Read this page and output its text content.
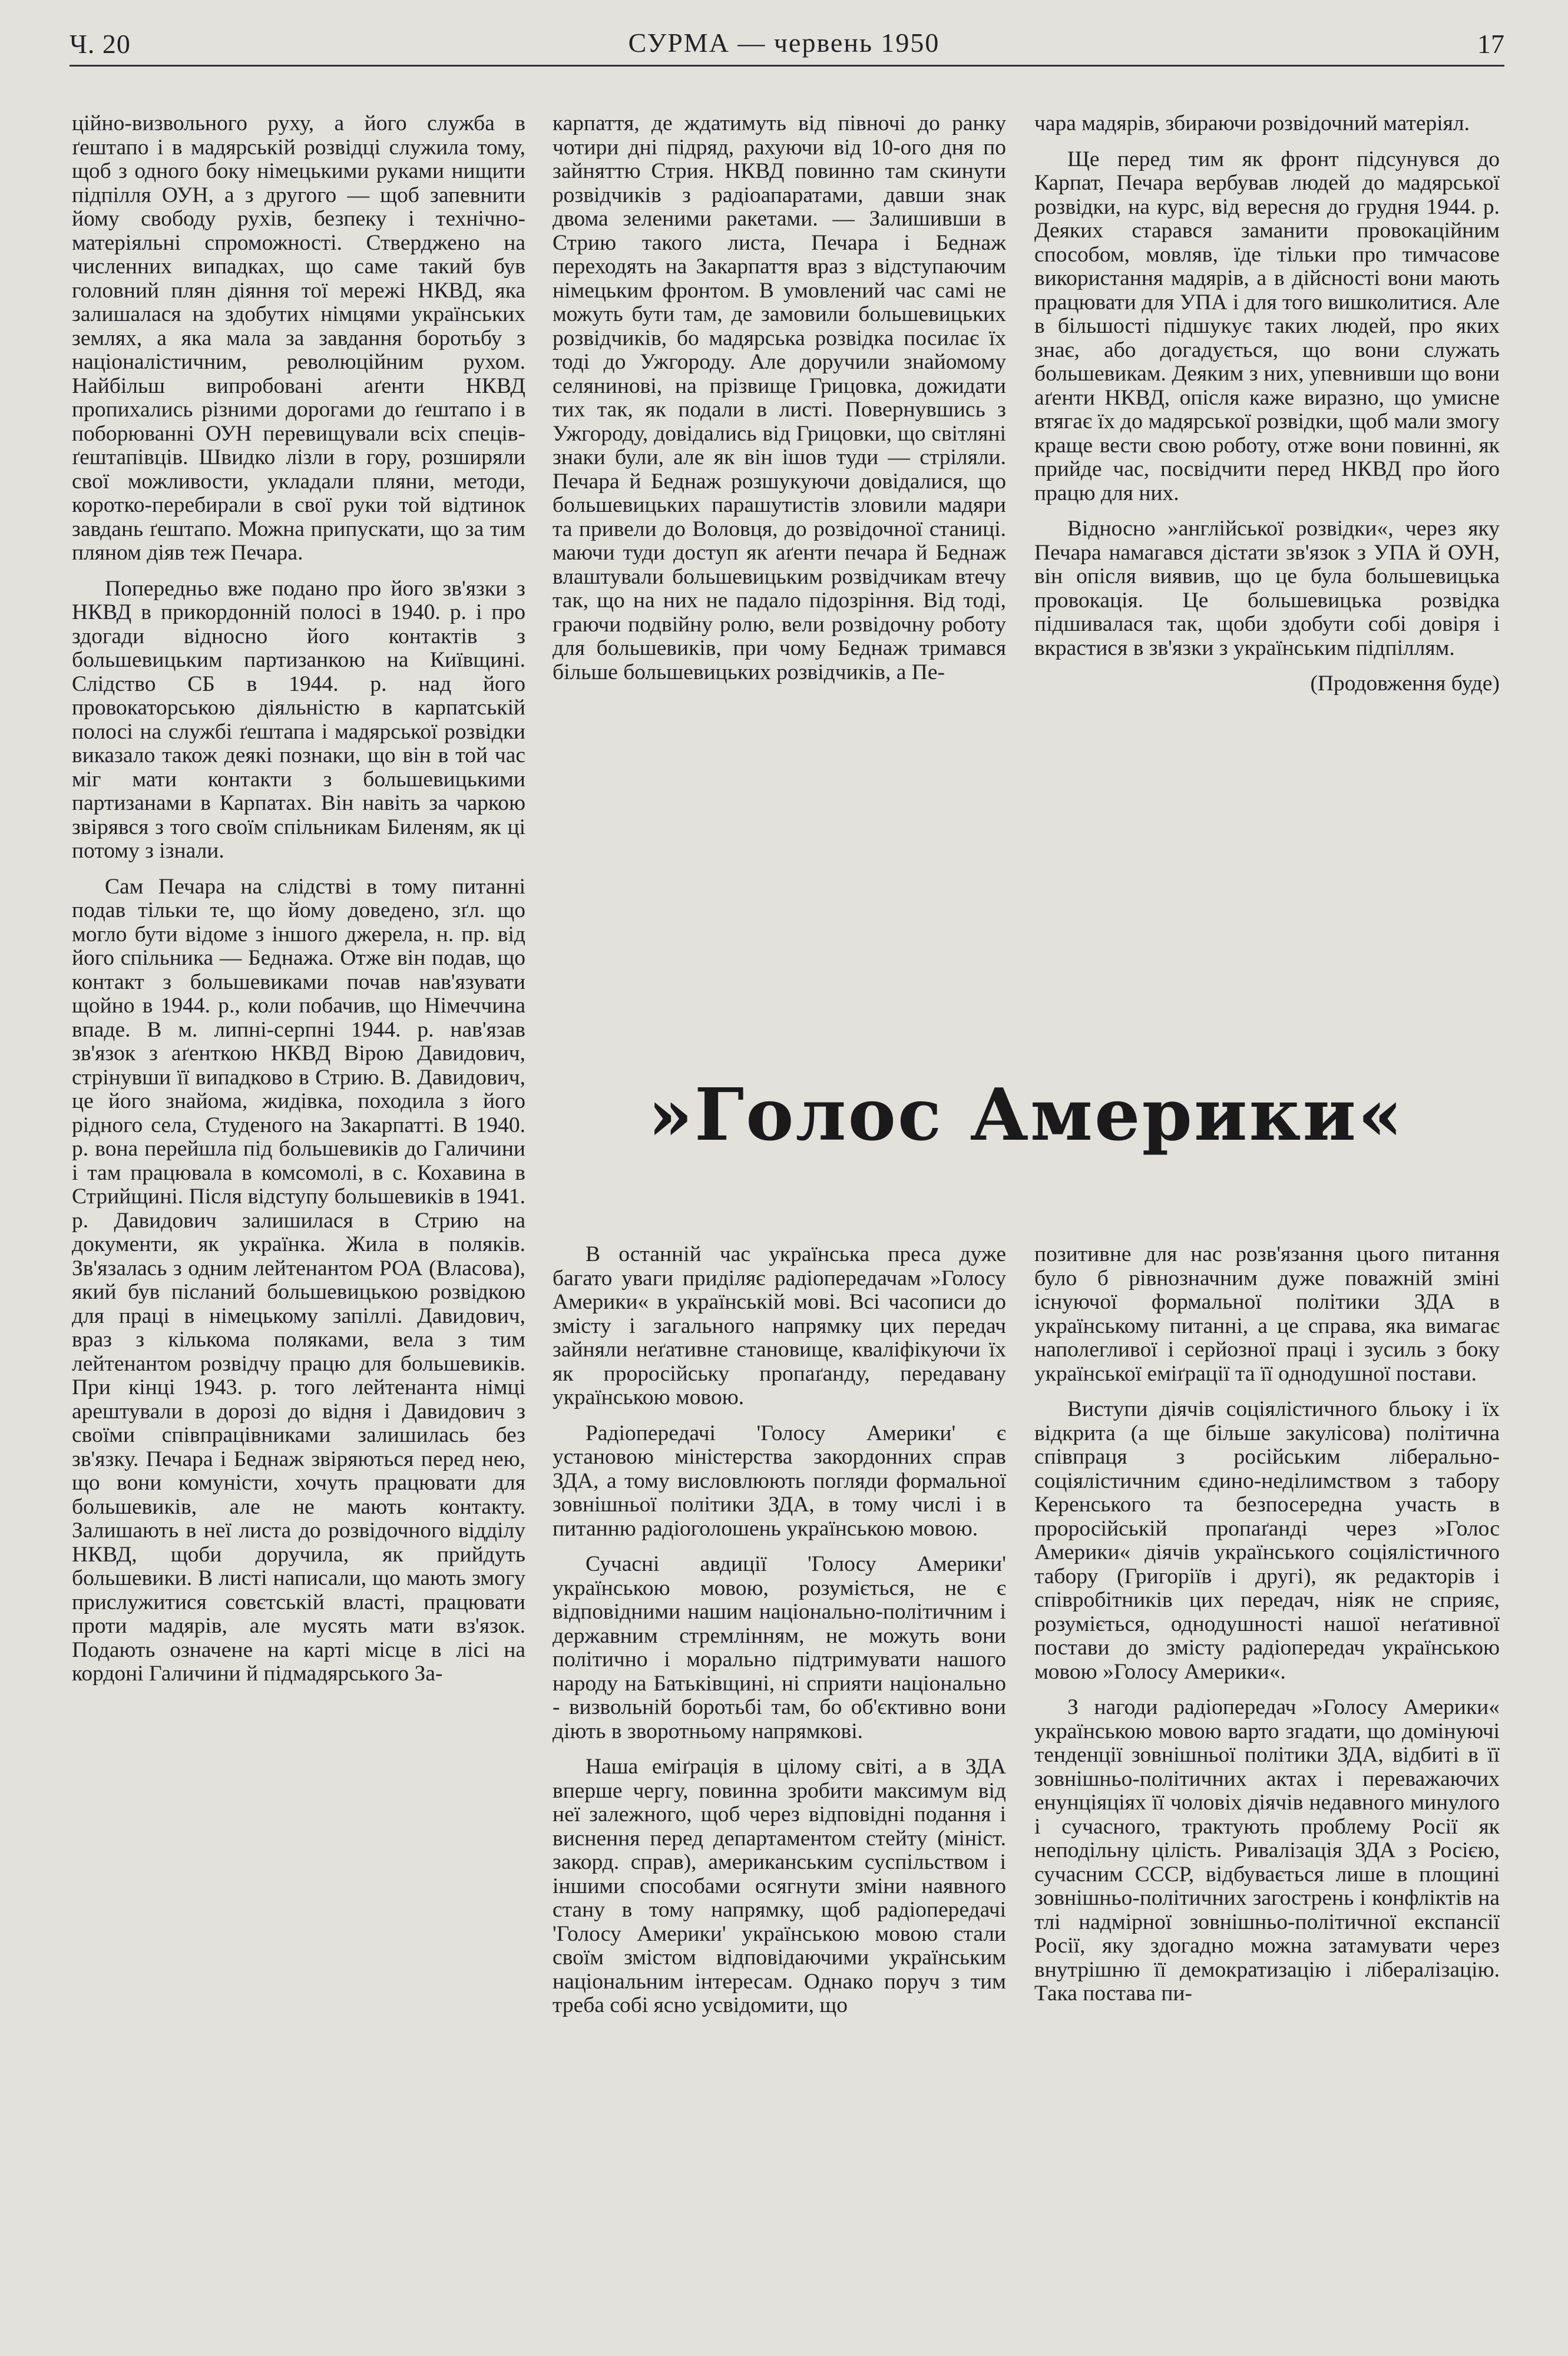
Ч. 20	СУРМА — червень 1950	17

ційно-визвольного руху, а його служба в ґештапо і в мадярській розвідці служила тому, щоб з одного боку німецькими руками нищити підпілля ОУН, а з другого — щоб запевнити йому свободу рухів, безпеку і технічно-матеріяльні спроможності. Стверджено на численних випадках, що саме такий був головний плян діяння тої мережі НКВД, яка залишалася на здобутих німцями українських землях, а яка мала за завдання боротьбу з націоналістичним, революційним рухом. Найбільш випробовані аґенти НКВД пропихались різними дорогами до ґештапо і в поборюванні ОУН перевищували всіх спеців-ґештапівців. Швидко лізли в гору, розширяли свої можливости, укладали пляни, методи, коротко-перебирали в свої руки той відтинок завдань ґештапо. Можна припускати, що за тим пляном діяв теж Печара.

Попередньо вже подано про його зв'язки з НКВД в прикордонній полосі в 1940. р. і про здогади відносно його контактів з большевицьким партизанкою на Київщині. Слідство СБ в 1944. р. над його провокаторською діяльністю в карпатській полосі на службі ґештапа і мадярської розвідки виказало також деякі познаки, що він в той час міг мати контакти з большевицькими партизанами в Карпатах. Він навіть за чаркою звірявся з того своїм спільникам Биленям, як ці потому з ізнали.

Сам Печара на слідстві в тому питанні подав тільки те, що йому доведено, зґл. що могло бути відоме з іншого джерела, н. пр. від його спільника — Беднажа. Отже він подав, що контакт з большевиками почав нав'язувати щойно в 1944. р., коли побачив, що Німеччина впаде. В м. липні-серпні 1944. р. нав'язав зв'язок з аґенткою НКВД Вірою Давидович, стрінувши її випадково в Стрию. В. Давидович, це його знайома, жидівка, походила з його рідного села, Студеного на Закарпатті. В 1940. р. вона перейшла під большевиків до Галичини і там працювала в комсомолі, в с. Кохавина в Стрийщині. Після відступу большевиків в 1941. р. Давидович залишилася в Стрию на документи, як українка. Жила в поляків. Зв'язалась з одним лейтенантом РОА (Власова), який був післаний большевицькою розвідкою для праці в німецькому запіллі. Давидович, враз з кількома поляками, вела з тим лейтенантом розвідчу працю для большевиків. При кінці 1943. р. того лейтенанта німці арештували в дорозі до відня і Давидович з своїми співпрацівниками залишилась без зв'язку. Печара і Беднаж звіряються перед нею, що вони комуністи, хочуть працювати для большевиків, але не мають контакту. Залишають в неї листа до розвідочного відділу НКВД, щоби доручила, як прийдуть большевики. В листі написали, що мають змогу прислужитися совєтській власті, працювати проти мадярів, але мусять мати вз'язок. Подають означене на карті місце в лісі на кордоні Галичини й підмадярського За-

карпаття, де ждатимуть від півночі до ранку чотири дні підряд, рахуючи від 10-ого дня по зайняттю Стрия. НКВД повинно там скинути розвідчиків з радіоапаратами, давши знак двома зеленими ракетами. — Залишивши в Стрию такого листа, Печара і Беднаж переходять на Закарпаття враз з відступаючим німецьким фронтом. В умовлений час самі не можуть бути там, де замовили большевицьких розвідчиків, бо мадярська розвідка посилає їх тоді до Ужгороду. Але доручили знайомому селянинові, на прізвище Грицовка, дожидати тих так, як подали в листі. Повернувшись з Ужгороду, довідались від Грицовки, що світляні знаки були, але як він ішов туди — стріляли. Печара й Беднаж розшукуючи довідалися, що большевицьких парашутистів зловили мадяри та привели до Воловця, до розвідочної станиці. маючи туди доступ як аґенти печара й Беднаж влаштували большевицьким розвідчикам втечу так, що на них не падало підозріння. Від тоді, граючи подвійну ролю, вели розвідочну роботу для большевиків, при чому Беднаж тримався більше большевицьких розвідчиків, а Пе-

чара мадярів, збираючи розвідочний матеріял.

Ще перед тим як фронт підсунувся до Карпат, Печара вербував людей до мадярської розвідки, на курс, від вересня до грудня 1944. р. Деяких старався заманити провокаційним способом, мовляв, їде тільки про тимчасове використання мадярів, а в дійсності вони мають працювати для УПА і для того вишколитися. Але в більшості підшукує таких людей, про яких знає, або догадується, що вони служать большевикам. Деяким з них, упевнивши що вони аґенти НКВД, опісля каже виразно, що умисне втягає їх до мадярської розвідки, щоб мали змогу краще вести свою роботу, отже вони повинні, як прийде час, посвідчити перед НКВД про його працю для них.

Відносно »англійської розвідки«, через яку Печара намагався дістати зв'язок з УПА й ОУН, він опісля виявив, що це була большевицька провокація. Це большевицька розвідка підшивалася так, щоби здобути собі довіря і вкрастися в зв'язки з українським підпіллям.

(Продовження буде)

»Голос Америки«

В останній час українська преса дуже багато уваги приділяє радіопередачам »Голосу Америки« в українській мові. Всі часописи до змісту і загального напрямку цих передач зайняли неґативне становище, кваліфікуючи їх як проросійську пропаґанду, передавану українською мовою.

Радіопередачі 'Голосу Америки' є установою міністерства закордонних справ ЗДА, а тому висловлюють погляди формальної зовнішньої політики ЗДА, в тому числі і в питанню радіоголошень українською мовою.

Сучасні авдиції 'Голосу Америки' українською мовою, розуміється, не є відповідними нашим національно-політичним і державним стремлінням, не можуть вони політично і морально підтримувати нашого народу на Батьківщині, ні сприяти національно - визвольній боротьбі там, бо об'єктивно вони діють в зворотньому напрямкові.

Наша еміґрація в цілому світі, а в ЗДА вперше чергу, повинна зробити максимум від неї залежного, щоб через відповідні подання і виснення перед департаментом стейту (мініст. закорд. справ), американським суспільством і іншими способами осягнути зміни наявного стану в тому напрямку, щоб радіопередачі 'Голосу Америки' українською мовою стали своїм змістом відповідаючими українським національним інтересам. Однако поруч з тим треба собі ясно усвідомити, що

позитивне для нас розв'язання цього питання було б рівнозначним дуже поважній зміні існуючої формальної політики ЗДА в українському питанні, а це справа, яка вимагає наполегливої і серйозної праці і зусиль з боку української еміґрації та її однодушної постави.

Виступи діячів соціялістичного бльоку і їх відкрита (а ще більше закулісова) політична співпраця з російським ліберально-соціялістичним єдино-неділимством з табору Керенського та безпосередна участь в проросійській пропаґанді через »Голос Америки« діячів українського соціялістичного табору (Григоріїв і другі), як редакторів і співробітників цих передач, ніяк не сприяє, розуміється, однодушності нашої неґативної постави до змісту радіопередач українською мовою »Голосу Америки«.

З нагоди радіопередач »Голосу Америки« українською мовою варто згадати, що домінуючі тенденції зовнішньої політики ЗДА, відбиті в її зовнішньо-політичних актах і переважаючих енунціяціях її чоловіх діячів недавного минулого і сучасного, трактують проблему Росії як неподільну цілість. Ривалізація ЗДА з Росією, сучасним СССР, відбувається лише в площині зовнішньо-політичних загострень і конфліктів на тлі надмірної зовнішньо-політичної експансії Росії, яку здогадно можна затамувати через внутрішню її демократизацію і лібералізацію. Така постава пи-
